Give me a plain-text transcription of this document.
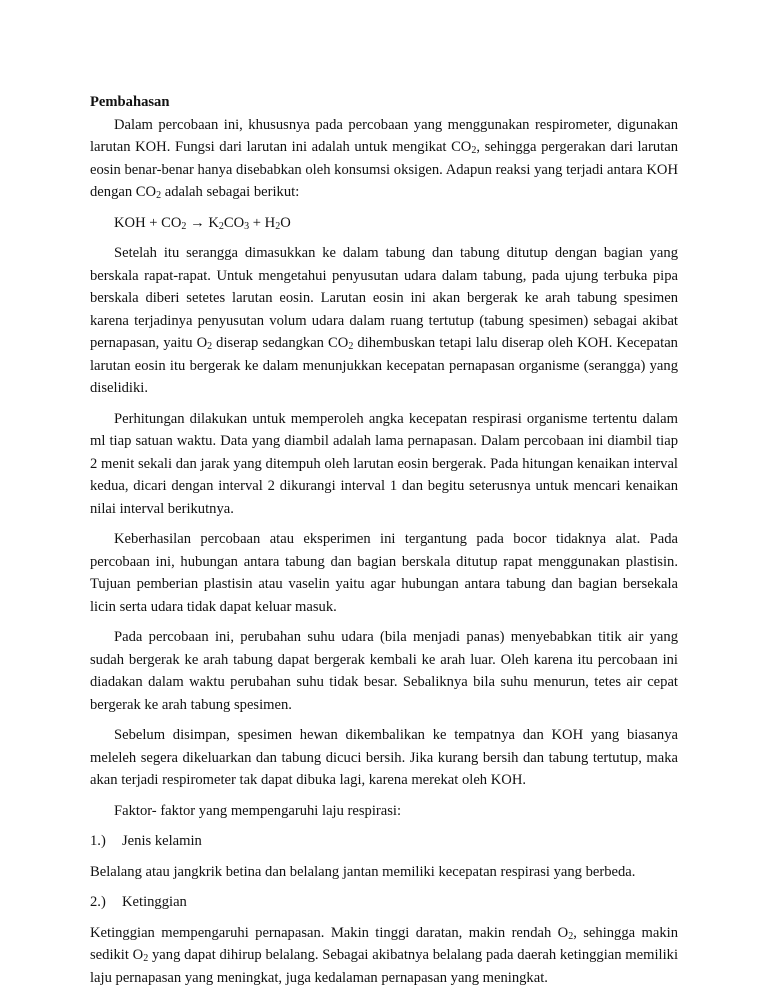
Pembahasan

Dalam percobaan ini, khususnya pada percobaan yang menggunakan respirometer, digunakan larutan KOH. Fungsi dari larutan ini adalah untuk mengikat $CO_2$, sehingga pergerakan dari larutan eosin benar-benar hanya disebabkan oleh konsumsi oksigen. Adapun reaksi yang terjadi antara KOH dengan $CO_2$ adalah sebagai berikut:

KOH + $CO_2 \to K_2CO_3 + H_2O$

Setelah itu serangga dimasukkan ke dalam tabung dan tabung ditutup dengan bagian yang berskala rapat-rapat. Untuk mengetahui penyusutan udara dalam tabung, pada ujung terbuka pipa berskala diberi setetes larutan eosin. Larutan eosin ini akan bergerak ke arah tabung spesimen karena terjadinya penyusutan volum udara dalam ruang tertutup (tabung spesimen) sebagai akibat pernapasan, yaitu $O_2$ diserap sedangkan $CO_2$ dihembuskan tetapi lalu diserap oleh KOH. Kecepatan larutan eosin itu bergerak ke dalam menunjukkan kecepatan pernapasan organisme (serangga) yang diselidiki.

Perhitungan dilakukan untuk memperoleh angka kecepatan respirasi organisme tertentu dalam ml tiap satuan waktu. Data yang diambil adalah lama pernapasan. Dalam percobaan ini diambil tiap 2 menit sekali dan jarak yang ditempuh oleh larutan eosin bergerak. Pada hitungan kenaikan interval kedua, dicari dengan interval 2 dikurangi interval 1 dan begitu seterusnya untuk mencari kenaikan nilai interval berikutnya.

Keberhasilan percobaan atau eksperimen ini tergantung pada bocor tidaknya alat. Pada percobaan ini, hubungan antara tabung dan bagian berskala ditutup rapat menggunakan plastisin. Tujuan pemberian plastisin atau vaselin yaitu agar hubungan antara tabung dan bagian bersekala licin serta udara tidak dapat keluar masuk.

Pada percobaan ini, perubahan suhu udara (bila menjadi panas) menyebabkan titik air yang sudah bergerak ke arah tabung dapat bergerak kembali ke arah luar. Oleh karena itu percobaan ini diadakan dalam waktu perubahan suhu tidak besar. Sebaliknya bila suhu menurun, tetes air cepat bergerak ke arah tabung spesimen.

Sebelum disimpan, spesimen hewan dikembalikan ke tempatnya dan KOH yang biasanya meleleh segera dikeluarkan dan tabung dicuci bersih. Jika kurang bersih dan tabung tertutup, maka akan terjadi respirometer tak dapat dibuka lagi, karena merekat oleh KOH.

Faktor- faktor yang mempengaruhi laju respirasi:

1.) Jenis kelamin

Belalang atau jangkrik betina dan belalang jantan memiliki kecepatan respirasi yang berbeda.

2.) Ketinggian

Ketinggian mempengaruhi pernapasan. Makin tinggi daratan, makin rendah $O_2$, sehingga makin sedikit $O_2$ yang dapat dihirup belalang. Sebagai akibatnya belalang pada daerah ketinggian memiliki laju pernapasan yang meningkat, juga kedalaman pernapasan yang meningkat.
